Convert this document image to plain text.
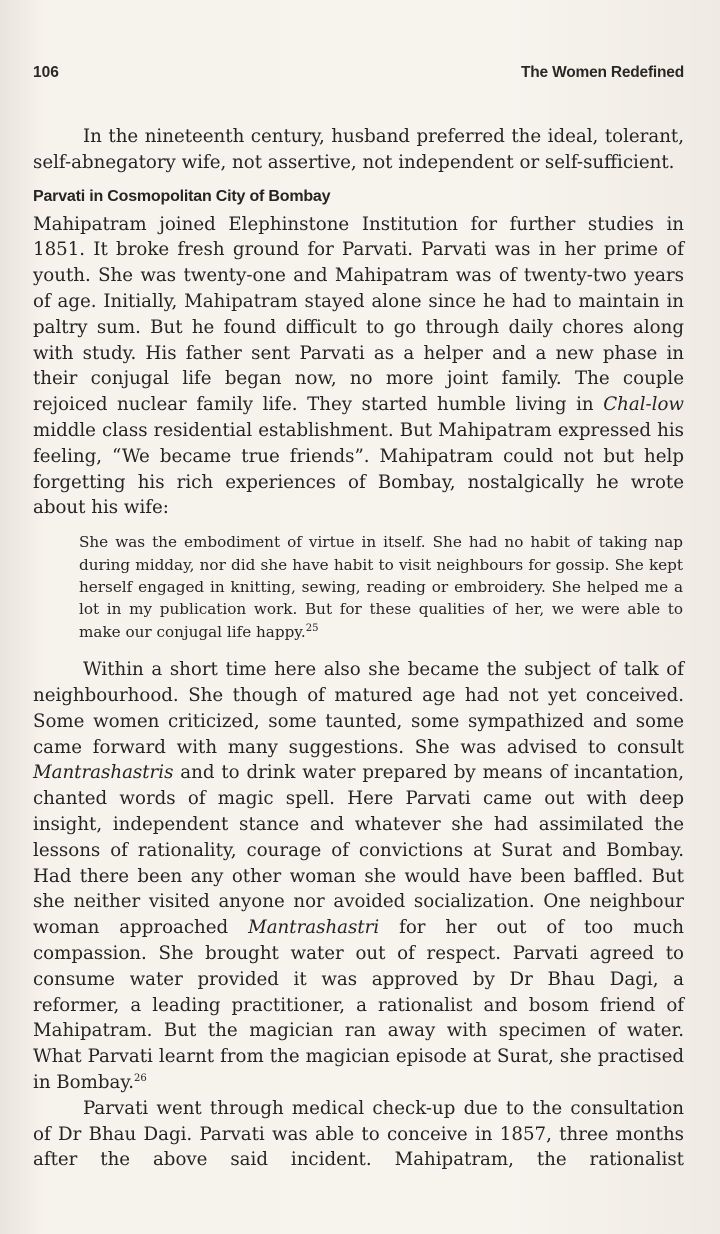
106	The Women Redefined

In the nineteenth century, husband preferred the ideal, tolerant, self-abnegatory wife, not assertive, not independent or self-sufficient.

Parvati in Cosmopolitan City of Bombay

Mahipatram joined Elephinstone Institution for further studies in 1851. It broke fresh ground for Parvati. Parvati was in her prime of youth. She was twenty-one and Mahipatram was of twenty-two years of age. Initially, Mahipatram stayed alone since he had to maintain in paltry sum. But he found difficult to go through daily chores along with study. His father sent Parvati as a helper and a new phase in their conjugal life began now, no more joint family. The couple rejoiced nuclear family life. They started humble living in Chal-low middle class residential establishment. But Mahipatram expressed his feeling, “We became true friends”. Mahipatram could not but help forgetting his rich experiences of Bombay, nostalgically he wrote about his wife:

She was the embodiment of virtue in itself. She had no habit of taking nap during midday, nor did she have habit to visit neighbours for gossip. She kept herself engaged in knitting, sewing, reading or embroidery. She helped me a lot in my publication work. But for these qualities of her, we were able to make our conjugal life happy.$^{25}$

Within a short time here also she became the subject of talk of neighbourhood. She though of matured age had not yet conceived. Some women criticized, some taunted, some sympathized and some came forward with many suggestions. She was advised to consult Mantrashastris and to drink water prepared by means of incantation, chanted words of magic spell. Here Parvati came out with deep insight, independent stance and whatever she had assimilated the lessons of rationality, courage of convictions at Surat and Bombay. Had there been any other woman she would have been baffled. But she neither visited anyone nor avoided socialization. One neighbour woman approached Mantrashastri for her out of too much compassion. She brought water out of respect. Parvati agreed to consume water provided it was approved by Dr Bhau Dagi, a reformer, a leading practitioner, a rationalist and bosom friend of Mahipatram. But the magician ran away with specimen of water. What Parvati learnt from the magician episode at Surat, she practised in Bombay.$^{26}$

Parvati went through medical check-up due to the consultation of Dr Bhau Dagi. Parvati was able to conceive in 1857, three months after the above said incident. Mahipatram, the rationalist
